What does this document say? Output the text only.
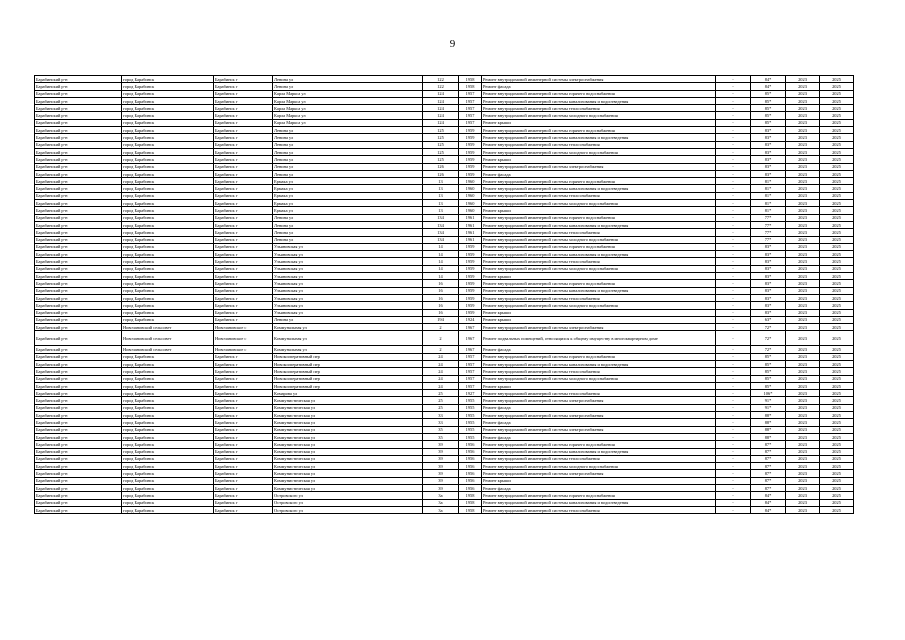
9
Барабинский р-н	город Барабинск	Барабинск г	Ленина ул	122	1958	Ремонт внутридомовой инженерной системы электроснабжения	-	84*	2023	2025
Барабинский р-н	город Барабинск	Барабинск г	Ленина ул	122	1958	Ремонт фасада	-	84*	2023	2025
Барабинский р-н	город Барабинск	Барабинск г	Карла Маркса ул	124	1957	Ремонт внутридомовой инженерной системы горячего водоснабжения	-	85*	2023	2025
Барабинский р-н	город Барабинск	Барабинск г	Карла Маркса ул	124	1957	Ремонт внутридомовой инженерной системы канализования и водоотведения	-	85*	2023	2025
Барабинский р-н	город Барабинск	Барабинск г	Карла Маркса ул	124	1957	Ремонт внутридомовой инженерной системы теплоснабжения	-	85*	2023	2025
Барабинский р-н	город Барабинск	Барабинск г	Карла Маркса ул	124	1957	Ремонт внутридомовой инженерной системы холодного водоснабжения	-	85*	2023	2025
Барабинский р-н	город Барабинск	Барабинск г	Карла Маркса ул	124	1957	Ремонт крыши	-	85*	2023	2025
Барабинский р-н	город Барабинск	Барабинск г	Ленина ул	125	1959	Ремонт внутридомовой инженерной системы горячего водоснабжения	-	83*	2023	2025
Барабинский р-н	город Барабинск	Барабинск г	Ленина ул	125	1959	Ремонт внутридомовой инженерной системы канализования и водоотведения	-	83*	2023	2025
Барабинский р-н	город Барабинск	Барабинск г	Ленина ул	125	1959	Ремонт внутридомовой инженерной системы теплоснабжения	-	83*	2023	2025
Барабинский р-н	город Барабинск	Барабинск г	Ленина ул	125	1959	Ремонт внутридомовой инженерной системы холодного водоснабжения	-	83*	2023	2025
Барабинский р-н	город Барабинск	Барабинск г	Ленина ул	125	1959	Ремонт крыши	-	83*	2023	2025
Барабинский р-н	город Барабинск	Барабинск г	Ленина ул	126	1959	Ремонт внутридомовой инженерной системы электроснабжения	-	83*	2023	2025
Барабинский р-н	город Барабинск	Барабинск г	Ленина ул	126	1959	Ремонт фасада	-	83*	2023	2025
Барабинский р-н	город Барабинск	Барабинск г	Ермака ул	13	1960	Ремонт внутридомовой инженерной системы горячего водоснабжения	-	81*	2023	2025
Барабинский р-н	город Барабинск	Барабинск г	Ермака ул	13	1960	Ремонт внутридомовой инженерной системы канализования и водоотведения	-	81*	2023	2025
Барабинский р-н	город Барабинск	Барабинск г	Ермака ул	13	1960	Ремонт внутридомовой инженерной системы теплоснабжения	-	81*	2023	2025
Барабинский р-н	город Барабинск	Барабинск г	Ермака ул	13	1960	Ремонт внутридомовой инженерной системы холодного водоснабжения	-	81*	2023	2025
Барабинский р-н	город Барабинск	Барабинск г	Ермака ул	13	1960	Ремонт крыши	-	81*	2023	2025
Барабинский р-н	город Барабинск	Барабинск г	Ленина ул	134	1961	Ремонт внутридомовой инженерной системы горячего водоснабжения	-	77*	2023	2025
Барабинский р-н	город Барабинск	Барабинск г	Ленина ул	134	1961	Ремонт внутридомовой инженерной системы канализования и водоотведения	-	77*	2023	2025
Барабинский р-н	город Барабинск	Барабинск г	Ленина ул	134	1961	Ремонт внутридомовой инженерной системы теплоснабжения	-	77*	2023	2025
Барабинский р-н	город Барабинск	Барабинск г	Ленина ул	134	1961	Ремонт внутридомовой инженерной системы холодного водоснабжения	-	77*	2023	2025
Барабинский р-н	город Барабинск	Барабинск г	Ульяновская ул	14	1959	Ремонт внутридомовой инженерной системы горячего водоснабжения	-	83*	2023	2025
Барабинский р-н	город Барабинск	Барабинск г	Ульяновская ул	14	1959	Ремонт внутридомовой инженерной системы канализования и водоотведения	-	83*	2023	2025
Барабинский р-н	город Барабинск	Барабинск г	Ульяновская ул	14	1959	Ремонт внутридомовой инженерной системы теплоснабжения	-	83*	2023	2025
Барабинский р-н	город Барабинск	Барабинск г	Ульяновская ул	14	1959	Ремонт внутридомовой инженерной системы холодного водоснабжения	-	83*	2023	2025
Барабинский р-н	город Барабинск	Барабинск г	Ульяновская ул	14	1959	Ремонт крыши	-	83*	2023	2025
Барабинский р-н	город Барабинск	Барабинск г	Ульяновская ул	16	1959	Ремонт внутридомовой инженерной системы горячего водоснабжения	-	83*	2023	2025
Барабинский р-н	город Барабинск	Барабинск г	Ульяновская ул	16	1959	Ремонт внутридомовой инженерной системы канализования и водоотведения	-	83*	2023	2025
Барабинский р-н	город Барабинск	Барабинск г	Ульяновская ул	16	1959	Ремонт внутридомовой инженерной системы теплоснабжения	-	83*	2023	2025
Барабинский р-н	город Барабинск	Барабинск г	Ульяновская ул	16	1959	Ремонт внутридомовой инженерной системы холодного водоснабжения	-	83*	2023	2025
Барабинский р-н	город Барабинск	Барабинск г	Ульяновская ул	16	1959	Ремонт крыши	-	83*	2023	2025
Барабинский р-н	город Барабинск	Барабинск г	Ленина ул	194	1924	Ремонт крыши	-	63*	2023	2025
Барабинский р-н	Новочановский сельсовет	Новочановское с	Коммунальная ул	2	1967	Ремонт внутридомовой инженерной системы электроснабжения	-	72*	2023	2025
Барабинский р-н	Новочановский сельсовет	Новочановское с	Коммунальная ул	2	1967	Ремонт подвальных помещений, относящихся к общему имуществу в многоквартирном доме	-	72*	2023	2025
Барабинский р-н	Новочановский сельсовет	Новочановское с	Коммунальная ул	2	1967	Ремонт фасада	-	72*	2023	2025
Барабинский р-н	город Барабинск	Барабинск г	Новокооперативный пер	24	1957	Ремонт внутридомовой инженерной системы горячего водоснабжения	-	85*	2023	2025
Барабинский р-н	город Барабинск	Барабинск г	Новокооперативный пер	24	1957	Ремонт внутридомовой инженерной системы канализования и водоотведения	-	85*	2023	2025
Барабинский р-н	город Барабинск	Барабинск г	Новокооперативный пер	24	1957	Ремонт внутридомовой инженерной системы теплоснабжения	-	85*	2023	2025
Барабинский р-н	город Барабинск	Барабинск г	Новокооперативный пер	24	1957	Ремонт внутридомовой инженерной системы холодного водоснабжения	-	85*	2023	2025
Барабинский р-н	город Барабинск	Барабинск г	Новокооперативный пер	24	1957	Ремонт крыши	-	85*	2023	2025
Барабинский р-н	город Барабинск	Барабинск г	Комарова ул	25	1927	Ремонт внутридомовой инженерной системы теплоснабжения	-	106*	2023	2025
Барабинский р-н	город Барабинск	Барабинск г	Коммунистическая ул	25	1955	Ремонт внутридомовой инженерной системы электроснабжения	-	91*	2023	2025
Барабинский р-н	город Барабинск	Барабинск г	Коммунистическая ул	25	1955	Ремонт фасада	-	91*	2023	2025
Барабинский р-н	город Барабинск	Барабинск г	Коммунистическая ул	33	1955	Ремонт внутридомовой инженерной системы электроснабжения	-	88*	2023	2025
Барабинский р-н	город Барабинск	Барабинск г	Коммунистическая ул	33	1955	Ремонт фасада	-	88*	2023	2025
Барабинский р-н	город Барабинск	Барабинск г	Коммунистическая ул	35	1955	Ремонт внутридомовой инженерной системы электроснабжения	-	88*	2023	2025
Барабинский р-н	город Барабинск	Барабинск г	Коммунистическая ул	35	1955	Ремонт фасада	-	88*	2023	2025
Барабинский р-н	город Барабинск	Барабинск г	Коммунистическая ул	39	1956	Ремонт внутридомовой инженерной системы горячего водоснабжения	-	87*	2023	2025
Барабинский р-н	город Барабинск	Барабинск г	Коммунистическая ул	39	1956	Ремонт внутридомовой инженерной системы канализования и водоотведения	-	87*	2023	2025
Барабинский р-н	город Барабинск	Барабинск г	Коммунистическая ул	39	1956	Ремонт внутридомовой инженерной системы теплоснабжения	-	87*	2023	2025
Барабинский р-н	город Барабинск	Барабинск г	Коммунистическая ул	39	1956	Ремонт внутридомовой инженерной системы холодного водоснабжения	-	87*	2023	2025
Барабинский р-н	город Барабинск	Барабинск г	Коммунистическая ул	39	1956	Ремонт внутридомовой инженерной системы электроснабжения	-	87*	2023	2025
Барабинский р-н	город Барабинск	Барабинск г	Коммунистическая ул	39	1956	Ремонт крыши	-	87*	2023	2025
Барабинский р-н	город Барабинск	Барабинск г	Коммунистическая ул	39	1956	Ремонт фасада	-	87*	2023	2025
Барабинский р-н	город Барабинск	Барабинск г	Островского ул	3а	1958	Ремонт внутридомовой инженерной системы горячего водоснабжения	-	84*	2023	2025
Барабинский р-н	город Барабинск	Барабинск г	Островского ул	3а	1958	Ремонт внутридомовой инженерной системы канализования и водоотведения	-	84*	2023	2025
Барабинский р-н	город Барабинск	Барабинск г	Островского ул	3а	1958	Ремонт внутридомовой инженерной системы теплоснабжения	-	84*	2023	2025
